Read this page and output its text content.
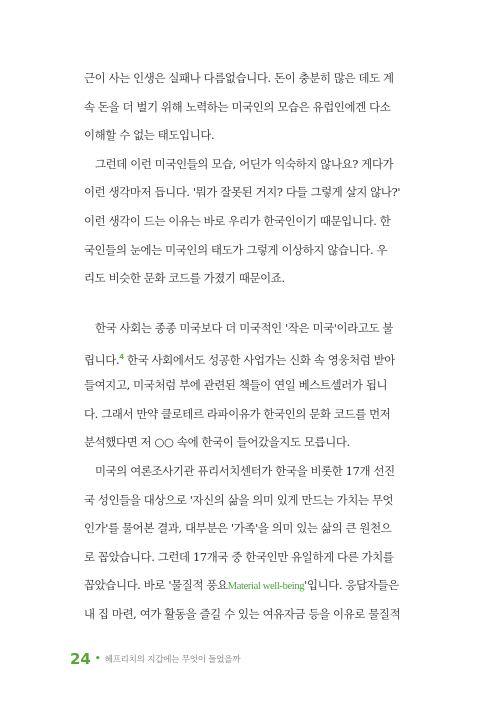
근이 사는 인생은 실패나 다름없습니다. 돈이 충분히 많은 데도 계
속 돈을 더 벌기 위해 노력하는 미국인의 모습은 유럽인에겐 다소
이해할 수 없는 태도입니다.
그런데 이런 미국인들의 모습, 어딘가 익숙하지 않나요? 게다가
이런 생각마저 듭니다. '뭐가 잘못된 거지? 다들 그렇게 살지 않나?'
이런 생각이 드는 이유는 바로 우리가 한국인이기 때문입니다. 한
국인들의 눈에는 미국인의 태도가 그렇게 이상하지 않습니다. 우
리도 비슷한 문화 코드를 가졌기 때문이죠.
한국 사회는 종종 미국보다 더 미국적인 '작은 미국'이라고도 불
립니다.$^4$ 한국 사회에서도 성공한 사업가는 신화 속 영웅처럼 받아
들여지고, 미국처럼 부에 관련된 책들이 연일 베스트셀러가 됩니
다. 그래서 만약 클로테르 라파이유가 한국인의 문화 코드를 먼저
분석했다면 저 ○○ 속에 한국이 들어갔을지도 모릅니다.
미국의 여론조사기관 퓨리서치센터가 한국을 비롯한 17개 선진
국 성인들을 대상으로 '자신의 삶을 의미 있게 만드는 가치는 무엇
인가'를 물어본 결과, 대부분은 '가족'을 의미 있는 삶의 큰 원천으
로 꼽았습니다. 그런데 17개국 중 한국인만 유일하게 다른 가치를
꼽았습니다. 바로 '물질적 풍요Material well-being'입니다. 응답자들은
내 집 마련, 여가 활동을 즐길 수 있는 여유자금 등을 이유로 물질적
24 • 헤프리치의 지갑에는 무엇이 들었을까
